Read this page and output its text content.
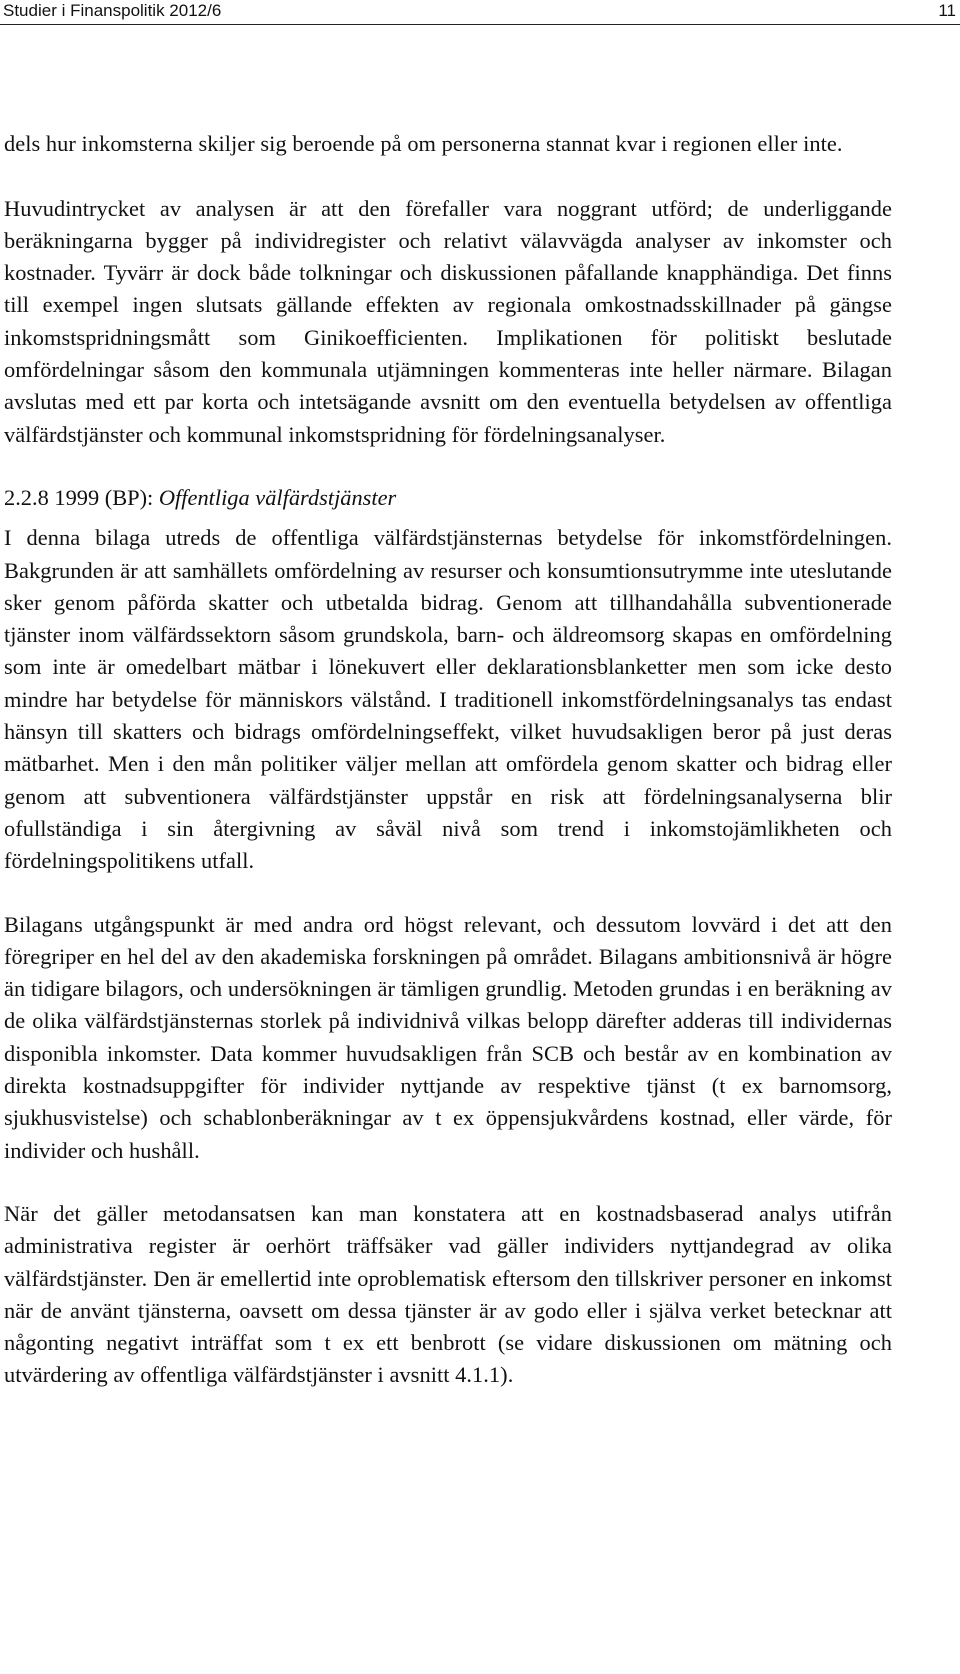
Studier i Finanspolitik 2012/6	11

dels hur inkomsterna skiljer sig beroende på om personerna stannat kvar i regionen eller inte.

Huvudintrycket av analysen är att den förefaller vara noggrant utförd; de underliggande beräkningarna bygger på individregister och relativt välavvägda analyser av inkomster och kostnader. Tyvärr är dock både tolkningar och diskussionen påfallande knapphändiga. Det finns till exempel ingen slutsats gällande effekten av regionala omkostnadsskillnader på gängse inkomstspridningsmått som Ginikoefficienten. Implikationen för politiskt beslutade omfördelningar såsom den kommunala utjämningen kommenteras inte heller närmare. Bilagan avslutas med ett par korta och intetsägande avsnitt om den eventuella betydelsen av offentliga välfärdstjänster och kommunal inkomstspridning för fördelningsanalyser.

2.2.8 1999 (BP): Offentliga välfärdstjänster

I denna bilaga utreds de offentliga välfärdstjänsternas betydelse för inkomstfördelningen. Bakgrunden är att samhällets omfördelning av resurser och konsumtionsutrymme inte uteslutande sker genom påförda skatter och utbetalda bidrag. Genom att tillhandahålla subventionerade tjänster inom välfärdssektorn såsom grundskola, barn- och äldreomsorg skapas en omfördelning som inte är omedelbart mätbar i lönekuvert eller deklarationsblanketter men som icke desto mindre har betydelse för människors välstånd. I traditionell inkomstfördelningsanalys tas endast hänsyn till skatters och bidrags omfördelningseffekt, vilket huvudsakligen beror på just deras mätbarhet. Men i den mån politiker väljer mellan att omfördela genom skatter och bidrag eller genom att subventionera välfärdstjänster uppstår en risk att fördelningsanalyserna blir ofullständiga i sin återgivning av såväl nivå som trend i inkomstojämlikheten och fördelningspolitikens utfall.

Bilagans utgångspunkt är med andra ord högst relevant, och dessutom lovvärd i det att den föregriper en hel del av den akademiska forskningen på området. Bilagans ambitionsnivå är högre än tidigare bilagors, och undersökningen är tämligen grundlig. Metoden grundas i en beräkning av de olika välfärdstjänsternas storlek på individnivå vilkas belopp därefter adderas till individernas disponibla inkomster. Data kommer huvudsakligen från SCB och består av en kombination av direkta kostnadsuppgifter för individer nyttjande av respektive tjänst (t ex barnomsorg, sjukhusvistelse) och schablonberäkningar av t ex öppensjukvårdens kostnad, eller värde, för individer och hushåll.

När det gäller metodansatsen kan man konstatera att en kostnadsbaserad analys utifrån administrativa register är oerhört träffsäker vad gäller individers nyttjandegrad av olika välfärdstjänster. Den är emellertid inte oproblematisk eftersom den tillskriver personer en inkomst när de använt tjänsterna, oavsett om dessa tjänster är av godo eller i själva verket betecknar att någonting negativt inträffat som t ex ett benbrott (se vidare diskussionen om mätning och utvärdering av offentliga välfärdstjänster i avsnitt 4.1.1).
